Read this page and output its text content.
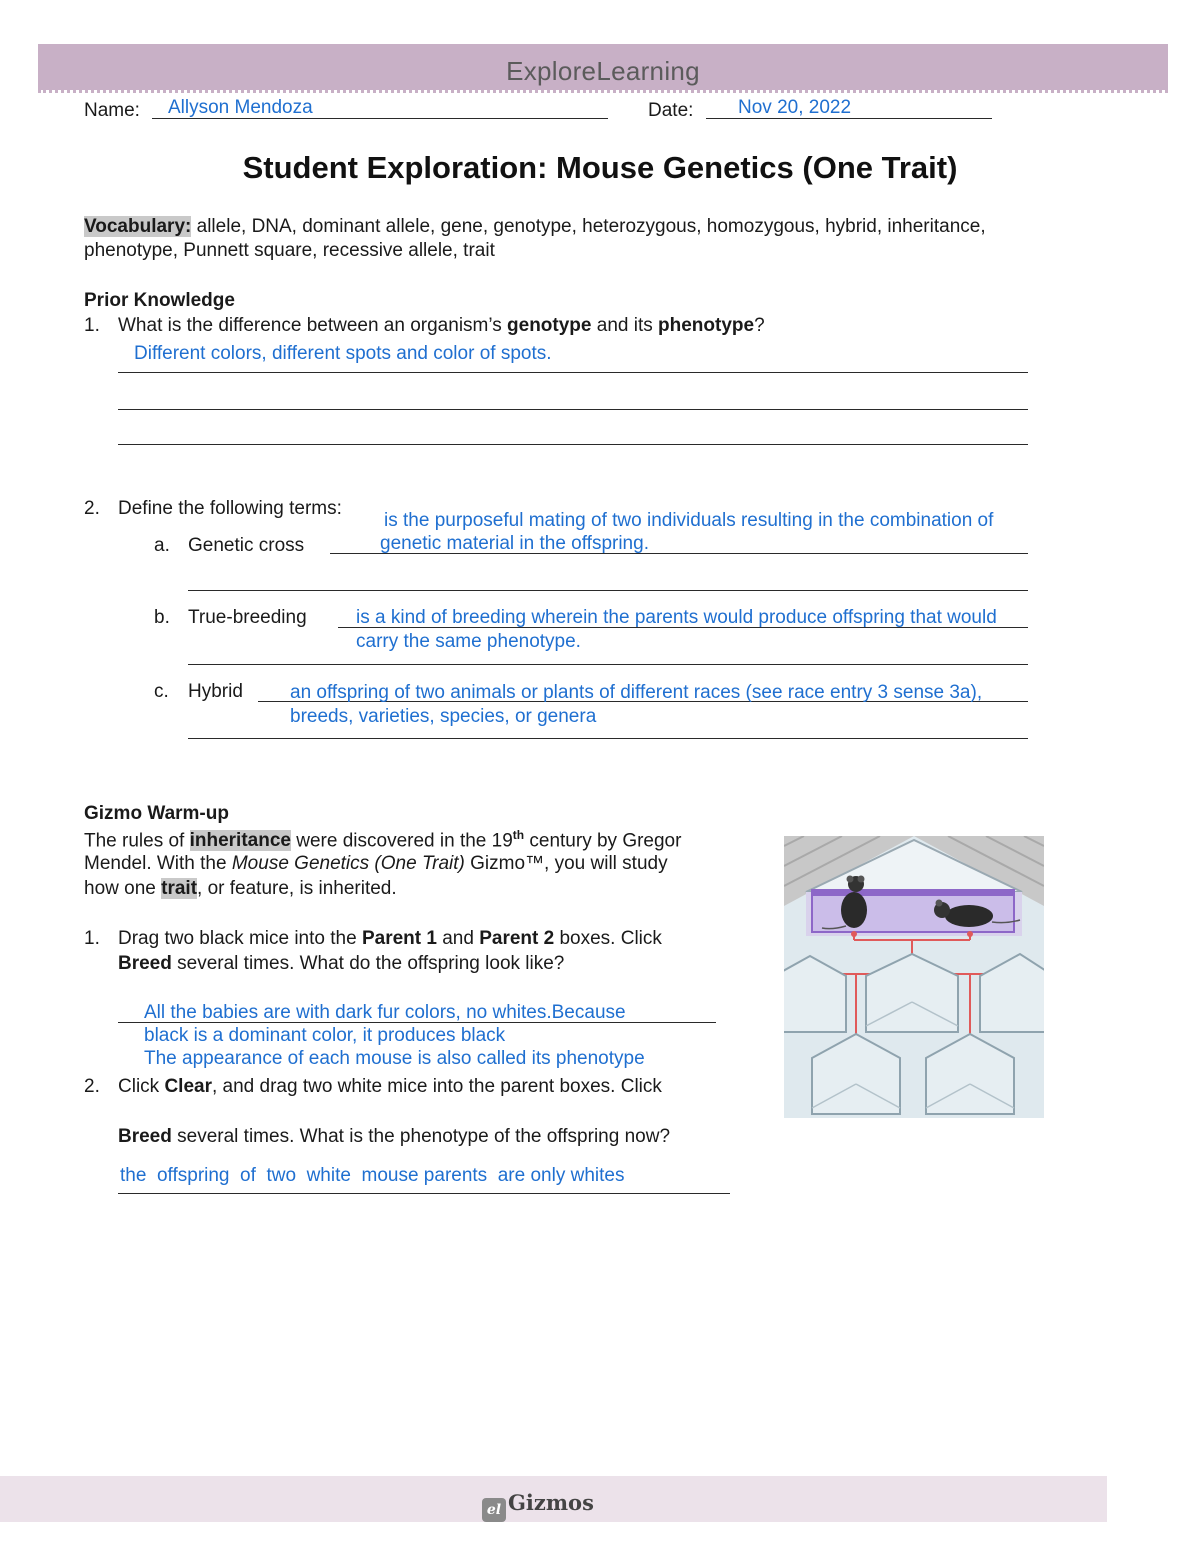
ExploreLearning
Name: Allyson Mendoza	Date: Nov 20, 2022
Student Exploration: Mouse Genetics (One Trait)
Vocabulary: allele, DNA, dominant allele, gene, genotype, heterozygous, homozygous, hybrid, inheritance,
phenotype, Punnett square, recessive allele, trait
Prior Knowledge
1. What is the difference between an organism’s genotype and its phenotype?
Different colors, different spots and color of spots.
2. Define the following terms:
is the purposeful mating of two individuals resulting in the combination of
a. Genetic cross	genetic material in the offspring.
b. True-breeding	is a kind of breeding wherein the parents would produce offspring that would
carry the same phenotype.
c. Hybrid an offspring of two animals or plants of different races (see race entry 3 sense 3a),
breeds, varieties, species, or genera
Gizmo Warm-up
The rules of inheritance were discovered in the 19th century by Gregor
Mendel. With the Mouse Genetics (One Trait) Gizmo™, you will study
how one trait, or feature, is inherited.
1. Drag two black mice into the Parent 1 and Parent 2 boxes. Click
Breed several times. What do the offspring look like?
All the babies are with dark fur colors, no whites.Because
black is a dominant color, it produces black
The appearance of each mouse is also called its phenotype
2. Click Clear, and drag two white mice into the parent boxes. Click
Breed several times. What is the phenotype of the offspring now?
the  offspring  of  two  white  mouse parents  are only whites
el Gizmos
